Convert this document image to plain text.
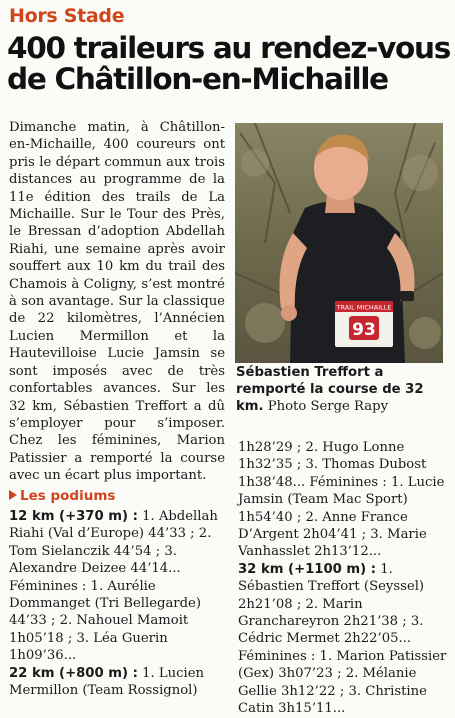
Hors Stade
400 traileurs au rendez-vous de Châtillon-en-Michaille

Dimanche matin, à Châtillon-en-Michaille, 400 coureurs ont pris le départ commun aux trois distances au programme de la 11e édition des trails de La Michaille. Sur le Tour des Près, le Bressan d’adoption Abdellah Riahi, une semaine après avoir souffert aux 10 km du trail des Chamois à Coligny, s’est montré à son avantage. Sur la classique de 22 kilomètres, l’Annécien Lucien Mermillon et la Hautevilloise Lucie Jamsin se sont imposés avec de très confortables avances. Sur les 32 km, Sébastien Treffort a dû s’employer pour s’imposer. Chez les féminines, Marion Patissier a remporté la course avec un écart plus important.

TRAIL MICHAILLE
93
Sébastien Treffort a remporté la course de 32 km. Photo Serge Rapy
Les podiums

12 km (+370 m) : 1. Abdellah Riahi (Val d’Europe) 44’33 ; 2. Tom Sielanczik 44’54 ; 3. Alexandre Deizee 44’14... Féminines : 1. Aurélie Dommanget (Tri Bellegarde) 44’33 ; 2. Nahouel Mamoit 1h05’18 ; 3. Léa Guerin 1h09’36...

22 km (+800 m) : 1. Lucien Mermillon (Team Rossignol)

1h28’29 ; 2. Hugo Lonne 1h32’35 ; 3. Thomas Dubost 1h38’48... Féminines : 1. Lucie Jamsin (Team Mac Sport) 1h54’40 ; 2. Anne France D’Argent 2h04’41 ; 3. Marie Vanhasslet 2h13’12...

32 km (+1100 m) : 1. Sébastien Treffort (Seyssel) 2h21’08 ; 2. Marin Granchareyron 2h21’38 ; 3. Cédric Mermet 2h22’05... Féminines : 1. Marion Patissier (Gex) 3h07’23 ; 2. Mélanie Gellie 3h12’22 ; 3. Christine Catin 3h15’11...
